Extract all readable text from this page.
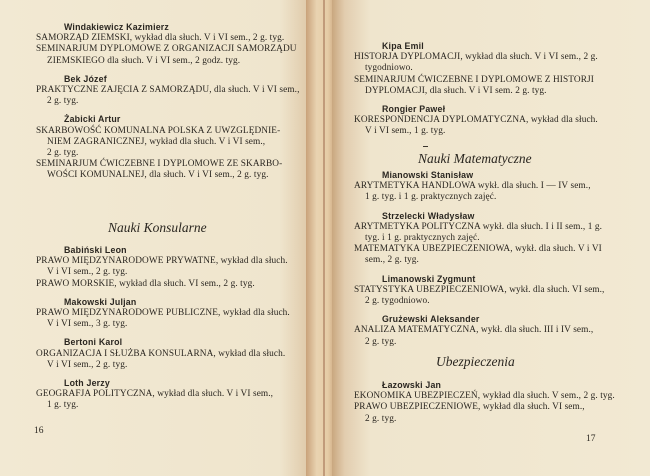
Windakiewicz Kazimierz
SAMORZĄD ZIEMSKI, wykład dla słuch. V i VI sem., 2 g. tyg.
SEMINARJUM DYPLOMOWE Z ORGANIZACJI SAMORZĄDU
ZIEMSKIEGO dla słuch. V i VI sem., 2 godz. tyg.
Bek Józef
PRAKTYCZNE ZAJĘCIA Z SAMORZĄDU, dla słuch. V i VI sem.,
2 g. tyg.
Żabicki Artur
SKARBOWOŚĆ KOMUNALNA POLSKA Z UWZGLĘDNIE-
NIEM ZAGRANICZNEJ, wykład dla słuch. V i VI sem.,
2 g. tyg.
SEMINARJUM ĆWICZEBNE I DYPLOMOWE ZE SKARBO-
WOŚCI KOMUNALNEJ, dla słuch. V i VI sem., 2 g. tyg.
Nauki Konsularne
Babiński Leon
PRAWO MIĘDZYNARODOWE PRYWATNE, wykład dla słuch.
V i VI sem., 2 g. tyg.
PRAWO MORSKIE, wykład dla słuch. VI sem., 2 g. tyg.
Makowski Juljan
PRAWO MIĘDZYNARODOWE PUBLICZNE, wykład dla słuch.
V i VI sem., 3 g. tyg.
Bertoni Karol
ORGANIZACJA I SŁUŻBA KONSULARNA, wykład dla słuch.
V i VI sem., 2 g. tyg.
Loth Jerzy
GEOGRAFJA POLITYCZNA, wykład dla słuch. V i VI sem.,
1 g. tyg.
16
Kipa Emil
HISTORJA DYPLOMACJI, wykład dla słuch. V i VI sem., 2 g.
tygodniowo.
SEMINARJUM ĆWICZEBNE I DYPLOMOWE Z HISTORJI
DYPLOMACJI, dla słuch. V i VI sem. 2 g. tyg.
Rongier Paweł
KORESPONDENCJA DYPLOMATYCZNA, wykład dla słuch.
V i VI sem., 1 g. tyg.
Nauki Matematyczne
Mianowski Stanisław
ARYTMETYKA HANDLOWA wykł. dla słuch. I — IV sem.,
1 g. tyg. i 1 g. praktycznych zajęć.
Strzelecki Władysław
ARYTMETYKA POLITYCZNA wykł. dla słuch. I i II sem., 1 g.
tyg. i 1 g. praktycznych zajęć.
MATEMATYKA UBEZPIECZENIOWA, wykł. dla słuch. V i VI
sem., 2 g. tyg.
Limanowski Zygmunt
STATYSTYKA UBEZPIECZENIOWA, wykł. dla słuch. VI sem.,
2 g. tygodniowo.
Grużewski Aleksander
ANALIZA MATEMATYCZNA, wykł. dla słuch. III i IV sem.,
2 g. tyg.
Ubezpieczenia
Łazowski Jan
EKONOMIKA UBEZPIECZEŃ, wykład dla słuch. V sem., 2 g. tyg.
PRAWO UBEZPIECZENIOWE, wykład dla słuch. VI sem.,
2 g. tyg.
17
